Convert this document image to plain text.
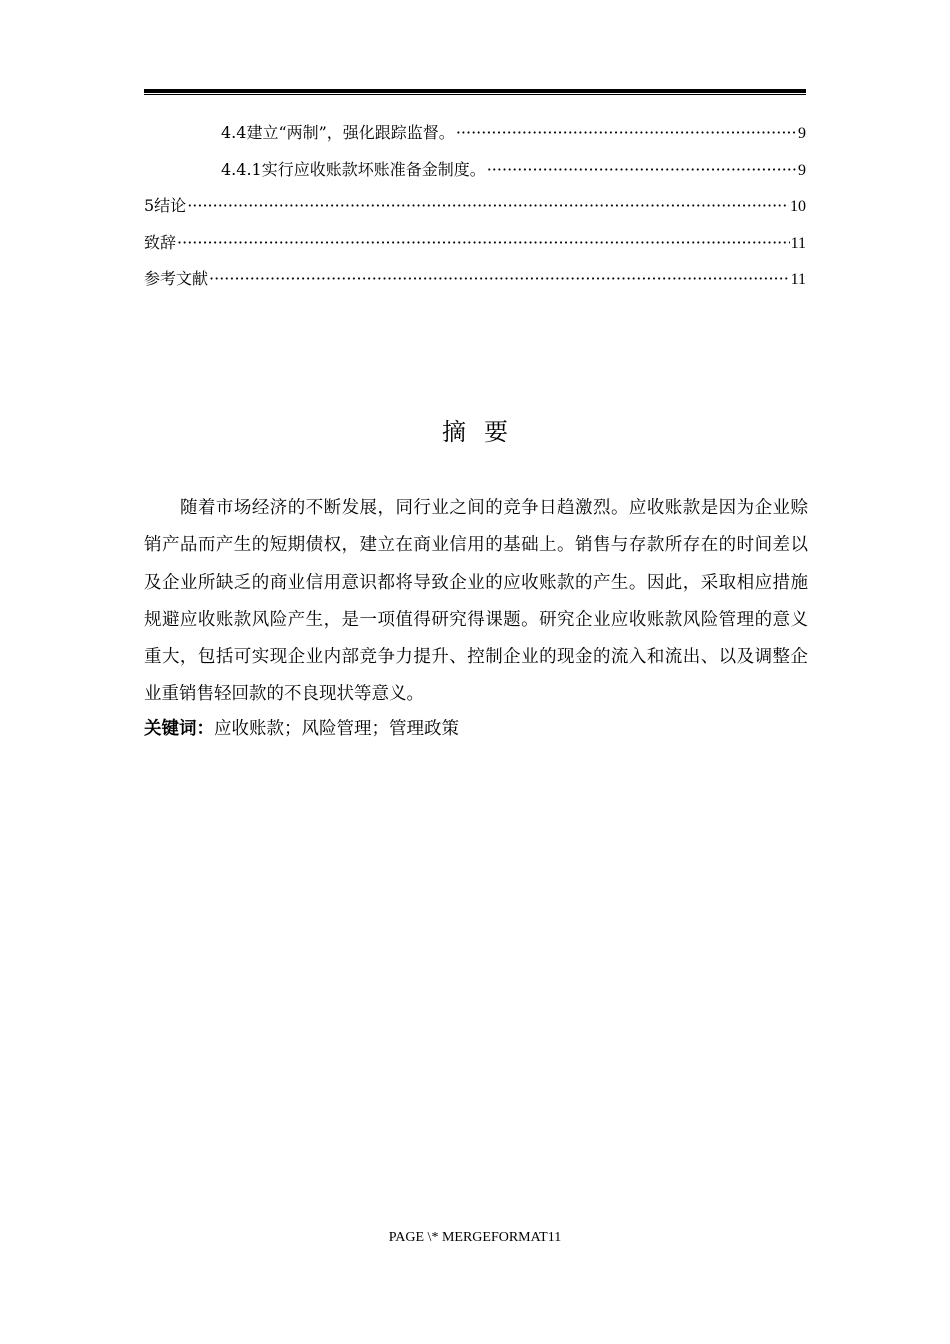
4.4建立“两制”，强化跟踪监督。 ·····	9
4.4.1实行应收账款坏账准备金制度。 ·····	9
5结论 ·····	10
致辞 ·····	11
参考文献 ·····	11
摘要

随着市场经济的不断发展，同行业之间的竞争日趋激烈。应收账款是因为企业赊销产品而产生的短期债权，建立在商业信用的基础上。销售与存款所存在的时间差以及企业所缺乏的商业信用意识都将导致企业的应收账款的产生。因此，采取相应措施规避应收账款风险产生，是一项值得研究得课题。研究企业应收账款风险管理的意义重大，包括可实现企业内部竞争力提升、控制企业的现金的流入和流出、以及调整企业重销售轻回款的不良现状等意义。

关键词：应收账款；风险管理；管理政策
PAGE \* MERGEFORMAT11
